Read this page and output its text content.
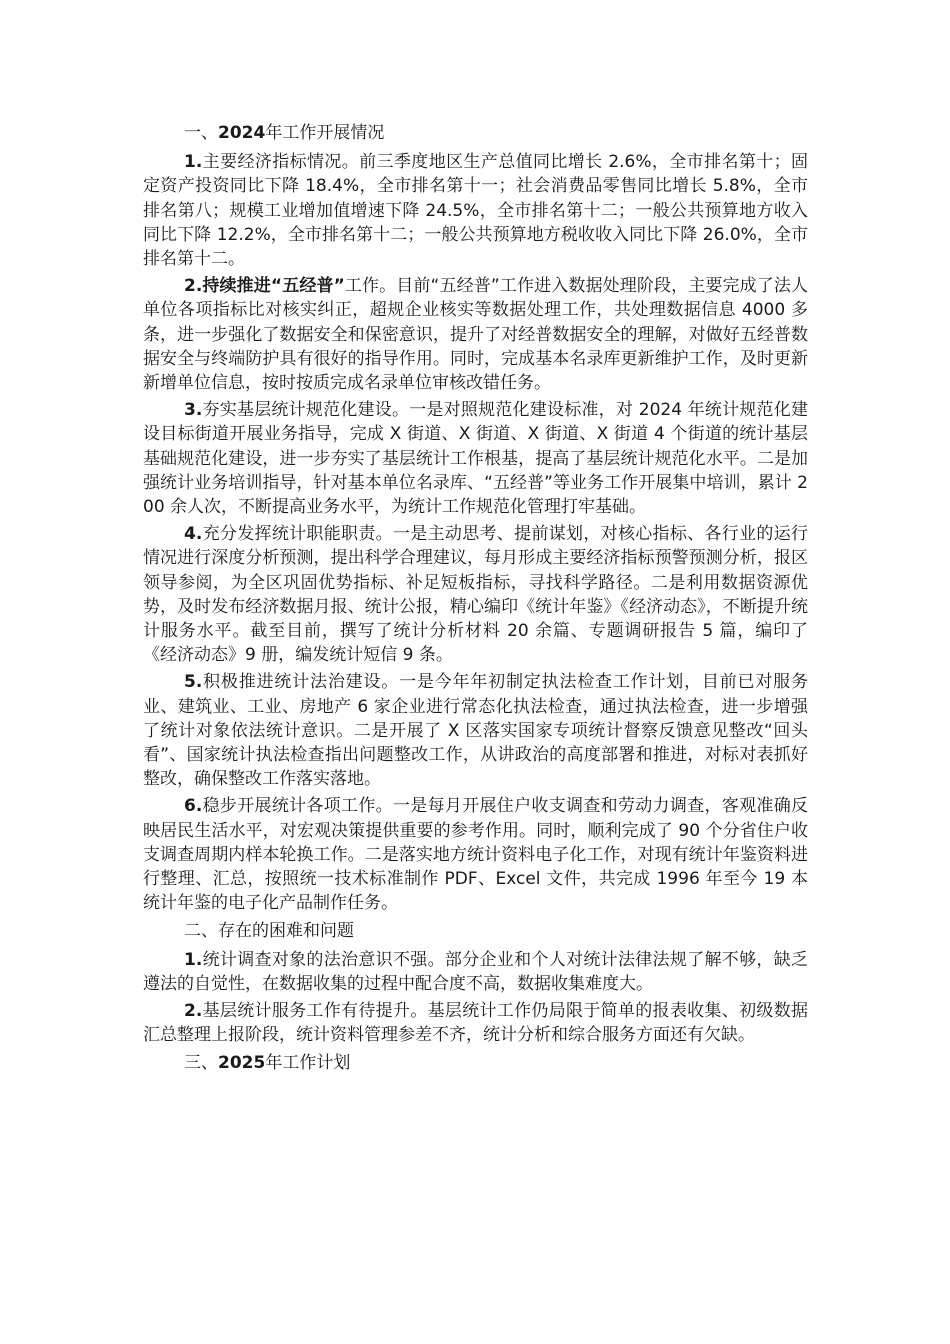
一、2024年工作开展情况

1.主要经济指标情况。前三季度地区生产总值同比增长 2.6%，全市排名第十；固定资产投资同比下降 18.4%，全市排名第十一；社会消费品零售同比增长 5.8%，全市排名第八；规模工业增加值增速下降 24.5%，全市排名第十二；一般公共预算地方收入同比下降 12.2%，全市排名第十二；一般公共预算地方税收收入同比下降 26.0%，全市排名第十二。

2.持续推进“五经普”工作。目前“五经普”工作进入数据处理阶段，主要完成了法人单位各项指标比对核实纠正，超规企业核实等数据处理工作，共处理数据信息 4000 多条，进一步强化了数据安全和保密意识，提升了对经普数据安全的理解，对做好五经普数据安全与终端防护具有很好的指导作用。同时，完成基本名录库更新维护工作，及时更新新增单位信息，按时按质完成名录单位审核改错任务。

3.夯实基层统计规范化建设。一是对照规范化建设标准，对 2024 年统计规范化建设目标街道开展业务指导，完成 X 街道、X 街道、X 街道、X 街道 4 个街道的统计基层基础规范化建设，进一步夯实了基层统计工作根基，提高了基层统计规范化水平。二是加强统计业务培训指导，针对基本单位名录库、“五经普”等业务工作开展集中培训，累计 200 余人次，不断提高业务水平，为统计工作规范化管理打牢基础。

4.充分发挥统计职能职责。一是主动思考、提前谋划，对核心指标、各行业的运行情况进行深度分析预测，提出科学合理建议，每月形成主要经济指标预警预测分析，报区领导参阅，为全区巩固优势指标、补足短板指标，寻找科学路径。二是利用数据资源优势，及时发布经济数据月报、统计公报，精心编印《统计年鉴》《经济动态》，不断提升统计服务水平。截至目前，撰写了统计分析材料 20 余篇、专题调研报告 5 篇，编印了《经济动态》9 册，编发统计短信 9 条。

5.积极推进统计法治建设。一是今年年初制定执法检查工作计划，目前已对服务业、建筑业、工业、房地产 6 家企业进行常态化执法检查，通过执法检查，进一步增强了统计对象依法统计意识。二是开展了 X 区落实国家专项统计督察反馈意见整改“回头看”、国家统计执法检查指出问题整改工作，从讲政治的高度部署和推进，对标对表抓好整改，确保整改工作落实落地。

6.稳步开展统计各项工作。一是每月开展住户收支调查和劳动力调查，客观准确反映居民生活水平，对宏观决策提供重要的参考作用。同时，顺利完成了 90 个分省住户收支调查周期内样本轮换工作。二是落实地方统计资料电子化工作，对现有统计年鉴资料进行整理、汇总，按照统一技术标准制作 PDF、Excel 文件，共完成 1996 年至今 19 本统计年鉴的电子化产品制作任务。

二、存在的困难和问题

1.统计调查对象的法治意识不强。部分企业和个人对统计法律法规了解不够，缺乏遵法的自觉性，在数据收集的过程中配合度不高，数据收集难度大。

2.基层统计服务工作有待提升。基层统计工作仍局限于简单的报表收集、初级数据汇总整理上报阶段，统计资料管理参差不齐，统计分析和综合服务方面还有欠缺。

三、2025年工作计划
